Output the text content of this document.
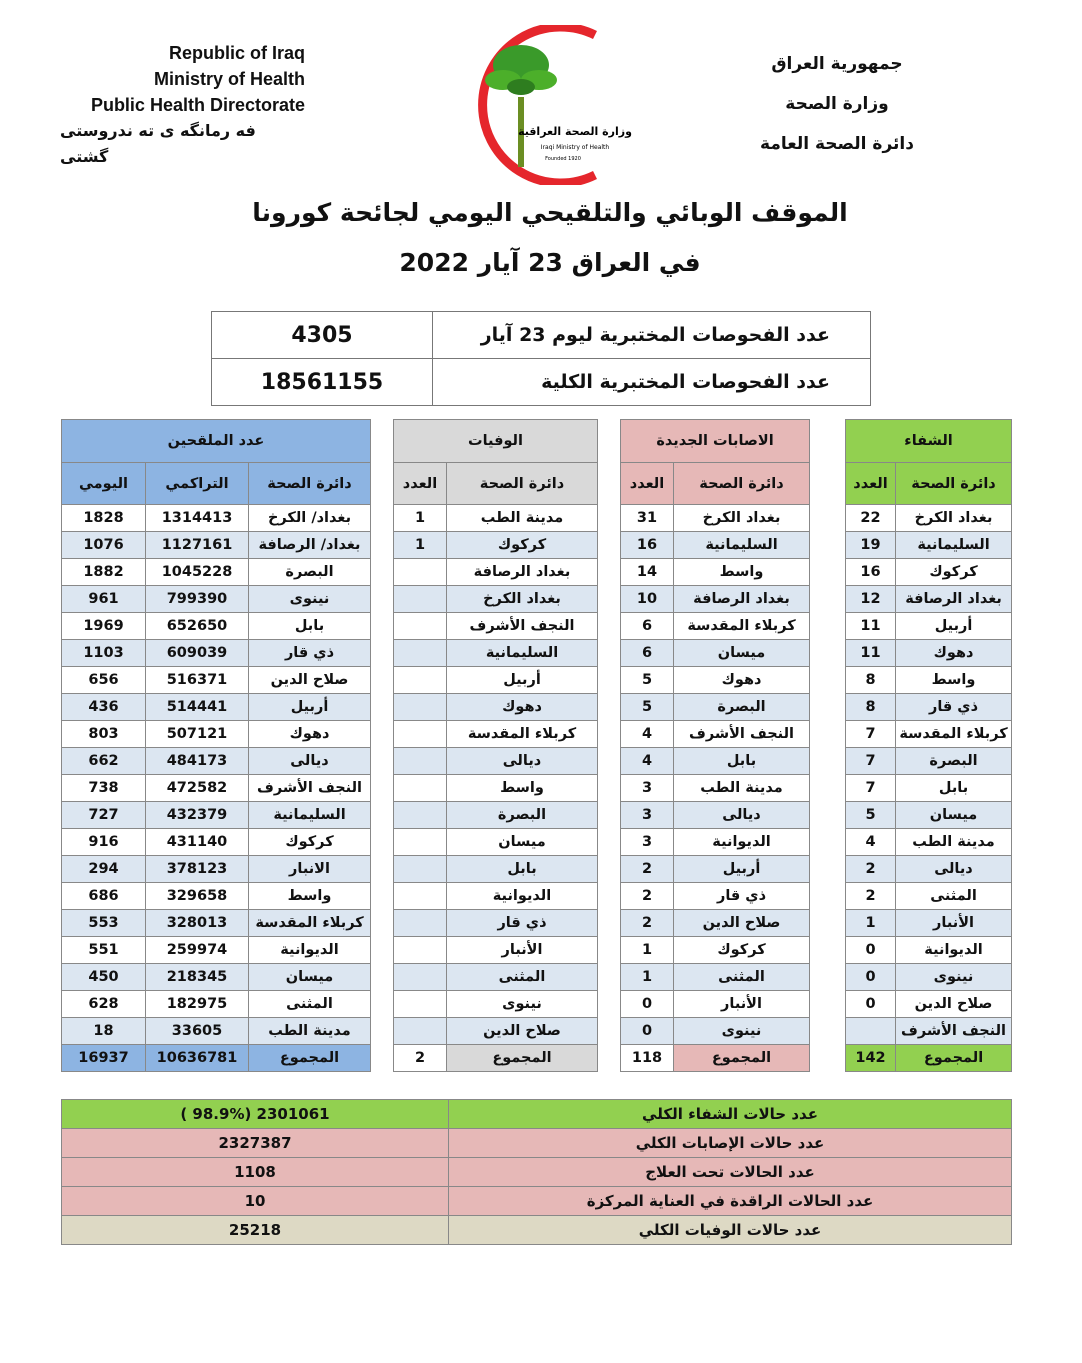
Republic of Iraq
Ministry of Health
Public Health Directorate
فه رمانگه ی ته ندروستی گشتی
وزارة الصحة العراقية
Iraqi Ministry of Health
Founded 1920
جمهورية العراق
وزارة الصحة
دائرة الصحة العامة
الموقف الوبائي والتلقيحي اليومي لجائحة كورونا
في العراق 23 آيار 2022
4305	عدد الفحوصات المختبرية ليوم 23 آيار
18561155	عدد الفحوصات المختبرية الكلية
عدد الملقحين				الوفيات			الاصابات الجديدة			الشفاء	
اليومي	التراكمي	دائرة الصحة		العدد	دائرة الصحة		العدد	دائرة الصحة		العدد	دائرة الصحة
1828	1314413	بغداد/ الكرخ		1	مدينة الطب		31	بغداد الكرخ		22	بغداد الكرخ
1076	1127161	بغداد/ الرصافة		1	كركوك		16	السليمانية		19	السليمانية
1882	1045228	البصرة			بغداد الرصافة		14	واسط		16	كركوك
961	799390	نينوى			بغداد الكرخ		10	بغداد الرصافة		12	بغداد الرصافة
1969	652650	بابل			النجف الأشرف		6	كربلاء المقدسة		11	أربيل
1103	609039	ذي قار			السليمانية		6	ميسان		11	دهوك
656	516371	صلاح الدين			أربيل		5	دهوك		8	واسط
436	514441	أربيل			دهوك		5	البصرة		8	ذي قار
803	507121	دهوك			كربلاء المقدسة		4	النجف الأشرف		7	كربلاء المقدسة
662	484173	ديالى			ديالى		4	بابل		7	البصرة
738	472582	النجف الأشرف			واسط		3	مدينة الطب		7	بابل
727	432379	السليمانية			البصرة		3	ديالى		5	ميسان
916	431140	كركوك			ميسان		3	الديوانية		4	مدينة الطب
294	378123	الانبار			بابل		2	أربيل		2	ديالى
686	329658	واسط			الديوانية		2	ذي قار		2	المثنى
553	328013	كربلاء المقدسة			ذي قار		2	صلاح الدين		1	الأنبار
551	259974	الديوانية			الأنبار		1	كركوك		0	الديوانية
450	218345	ميسان			المثنى		1	المثنى		0	نينوى
628	182975	المثنى			نينوى		0	الأنبار		0	صلاح الدين
18	33605	مدينة الطب			صلاح الدين		0	نينوى			النجف الأشرف
16937	10636781	المجموع		2	المجموع		118	المجموع		142	المجموع
( 98.9%) 2301061	عدد حالات الشفاء الكلي
2327387	عدد حالات الإصابات الكلي
1108	عدد الحالات تحت العلاج
10	عدد الحالات الراقدة في العناية المركزة
25218	عدد حالات الوفيات الكلي
